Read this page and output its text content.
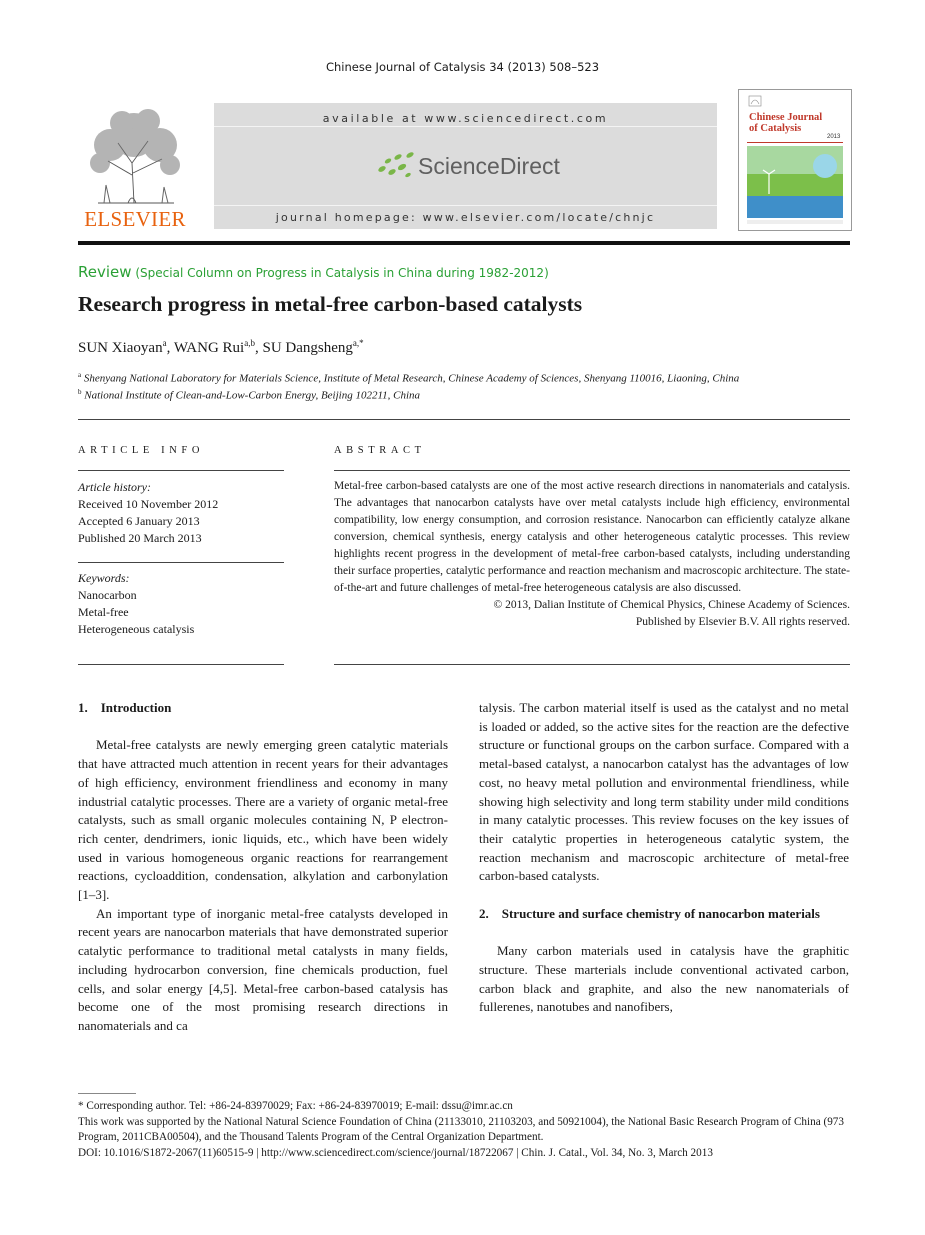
Chinese Journal of Catalysis 34 (2013) 508–523
ELSEVIER
available at www.sciencedirect.com
ScienceDirect
journal homepage: www.elsevier.com/locate/chnjc
Chinese Journal
of Catalysis
2013
Review (Special Column on Progress in Catalysis in China during 1982-2012)
Research progress in metal-free carbon-based catalysts
SUN Xiaoyan$^a$, WANG Rui$^{a,b}$, SU Dangsheng$^{a,*}$
$^a$ Shenyang National Laboratory for Materials Science, Institute of Metal Research, Chinese Academy of Sciences, Shenyang 110016, Liaoning, China
$^b$ National Institute of Clean-and-Low-Carbon Energy, Beijing 102211, China
ARTICLE INFO	ABSTRACT
Article history:
Received 10 November 2012
Accepted 6 January 2013
Published 20 March 2013
Keywords:
Nanocarbon
Metal-free
Heterogeneous catalysis
Metal-free carbon-based catalysts are one of the most active research directions in nanomaterials and catalysis. The advantages that nanocarbon catalysts have over metal catalysts include high efficiency, environmental compatibility, low energy consumption, and corrosion resistance. Nanocarbon can efficiently catalyze alkane conversion, chemical synthesis, energy catalysis and other heterogeneous catalytic processes. This review highlights recent progress in the development of metal-free carbon-based catalysts, including understanding their surface properties, catalytic performance and reaction mechanism and macroscopic architecture. The state-of-the-art and future challenges of metal-free heterogeneous catalysis are also discussed.
© 2013, Dalian Institute of Chemical Physics, Chinese Academy of Sciences.
Published by Elsevier B.V. All rights reserved.
1.    Introduction

Metal-free catalysts are newly emerging green catalytic materials that have attracted much attention in recent years for their advantages of high efficiency, environment friendliness and economy in many industrial catalytic processes. There are a variety of organic metal-free catalysts, such as small organic molecules containing N, P electron-rich center, dendrimers, ionic liquids, etc., which have been widely used in various homogeneous organic reactions for rearrangement reactions, cycloaddition, condensation, alkylation and carbonylation [1–3].

An important type of inorganic metal-free catalysts developed in recent years are nanocarbon materials that have demonstrated superior catalytic performance to traditional metal catalysts in many fields, including hydrocarbon conversion, fine chemicals production, fuel cells, and solar energy [4,5]. Metal-free carbon-based catalysis has become one of the most promising research directions in nanomaterials and ca

talysis. The carbon material itself is used as the catalyst and no metal is loaded or added, so the active sites for the reaction are the defective structure or functional groups on the carbon surface. Compared with a metal-based catalyst, a nanocarbon catalyst has the advantages of low cost, no heavy metal pollution and environmental friendliness, while showing high selectivity and long term stability under mild conditions in many catalytic processes. This review focuses on the key issues of their catalytic properties in heterogeneous catalytic system, the reaction mechanism and macroscopic architecture of metal-free carbon-based catalysts.

2.    Structure and surface chemistry of nanocarbon materials

Many carbon materials used in catalysis have the graphitic structure. These marterials include conventional activated carbon, carbon black and graphite, and also the new nanomaterials of fullerenes, nanotubes and nanofibers,

* Corresponding author. Tel: +86-24-83970029; Fax: +86-24-83970019; E-mail: dssu@imr.ac.cn

This work was supported by the National Natural Science Foundation of China (21133010, 21103203, and 50921004), the National Basic Research Program of China (973 Program, 2011CBA00504), and the Thousand Talents Program of the Central Organization Department.

DOI: 10.1016/S1872-2067(11)60515-9 | http://www.sciencedirect.com/science/journal/18722067 | Chin. J. Catal., Vol. 34, No. 3, March 2013
